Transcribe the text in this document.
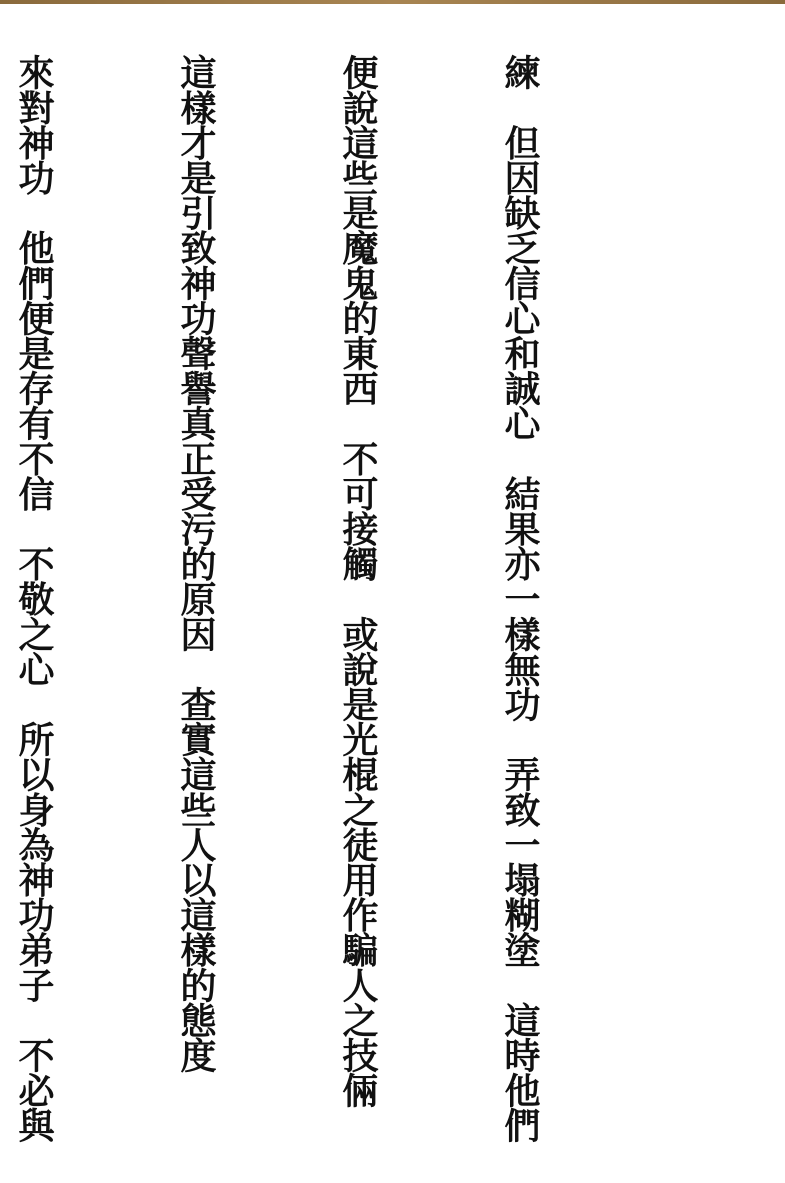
練　但因缺乏信心和誠心　結果亦一樣無功　弄致一塌糊塗　這時他們

便說這些是魔鬼的東西　不可接觸　或說是光棍之徒用作騙人之技倆

這樣才是引致神功聲譽真正受污的原因　查實這些人以這樣的態度

來對神功　他們便是存有不信　不敬之心　所以身為神功弟子　不必與
